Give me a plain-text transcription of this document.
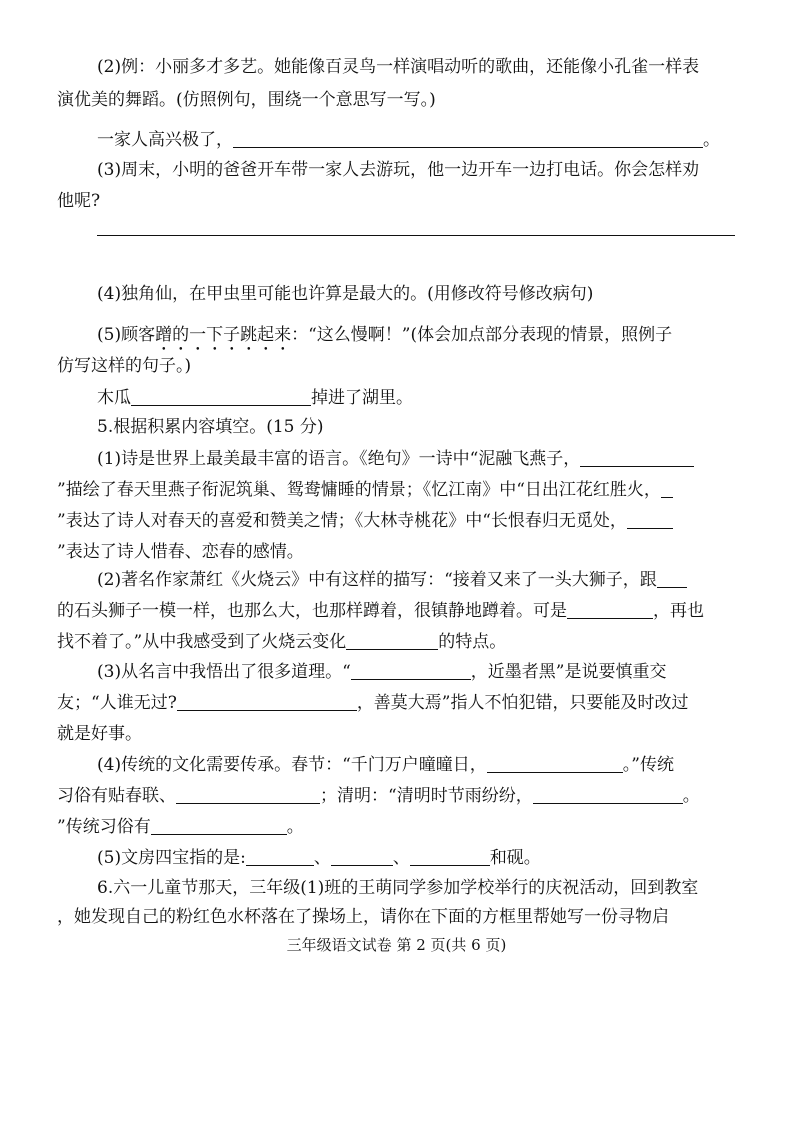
(2)例：小丽多才多艺。她能像百灵鸟一样演唱动听的歌曲，还能像小孔雀一样表
演优美的舞蹈。(仿照例句，围绕一个意思写一写。)
一家人高兴极了，	。
(3)周末，小明的爸爸开车带一家人去游玩，他一边开车一边打电话。你会怎样劝
他呢?
(4)独角仙，在甲虫里可能也许算是最大的。(用修改符号修改病句)
(5)顾客蹭的一下子跳起来：“这么慢啊！”(体会加点部分表现的情景，照例子
仿写这样的句子。)
木瓜	掉进了湖里。
5.根据积累内容填空。(15 分)
(1)诗是世界上最美最丰富的语言。《绝句》一诗中“泥融飞燕子，
”描绘了春天里燕子衔泥筑巢、鸳鸯慵睡的情景；《忆江南》中“日出江花红胜火，
”表达了诗人对春天的喜爱和赞美之情；《大林寺桃花》中“长恨春归无觅处，
”表达了诗人惜春、恋春的感情。
(2)著名作家萧红《火烧云》中有这样的描写：“接着又来了一头大狮子，跟
的石头狮子一模一样，也那么大，也那样蹲着，很镇静地蹲着。可是	，再也
找不着了。”从中我感受到了火烧云变化	的特点。
(3)从名言中我悟出了很多道理。“	，近墨者黑”是说要慎重交
友；“人谁无过?	，善莫大焉”指人不怕犯错，只要能及时改过
就是好事。
(4)传统的文化需要传承。春节：“千门万户曈曈日，	。”传统
习俗有贴春联、	；清明：“清明时节雨纷纷，	。
”传统习俗有	。
(5)文房四宝指的是:	、	、	和砚。
6.六一儿童节那天，三年级(1)班的王萌同学参加学校举行的庆祝活动，回到教室
，她发现自己的粉红色水杯落在了操场上，请你在下面的方框里帮她写一份寻物启
三年级语文试卷 第 2 页(共 6 页)
